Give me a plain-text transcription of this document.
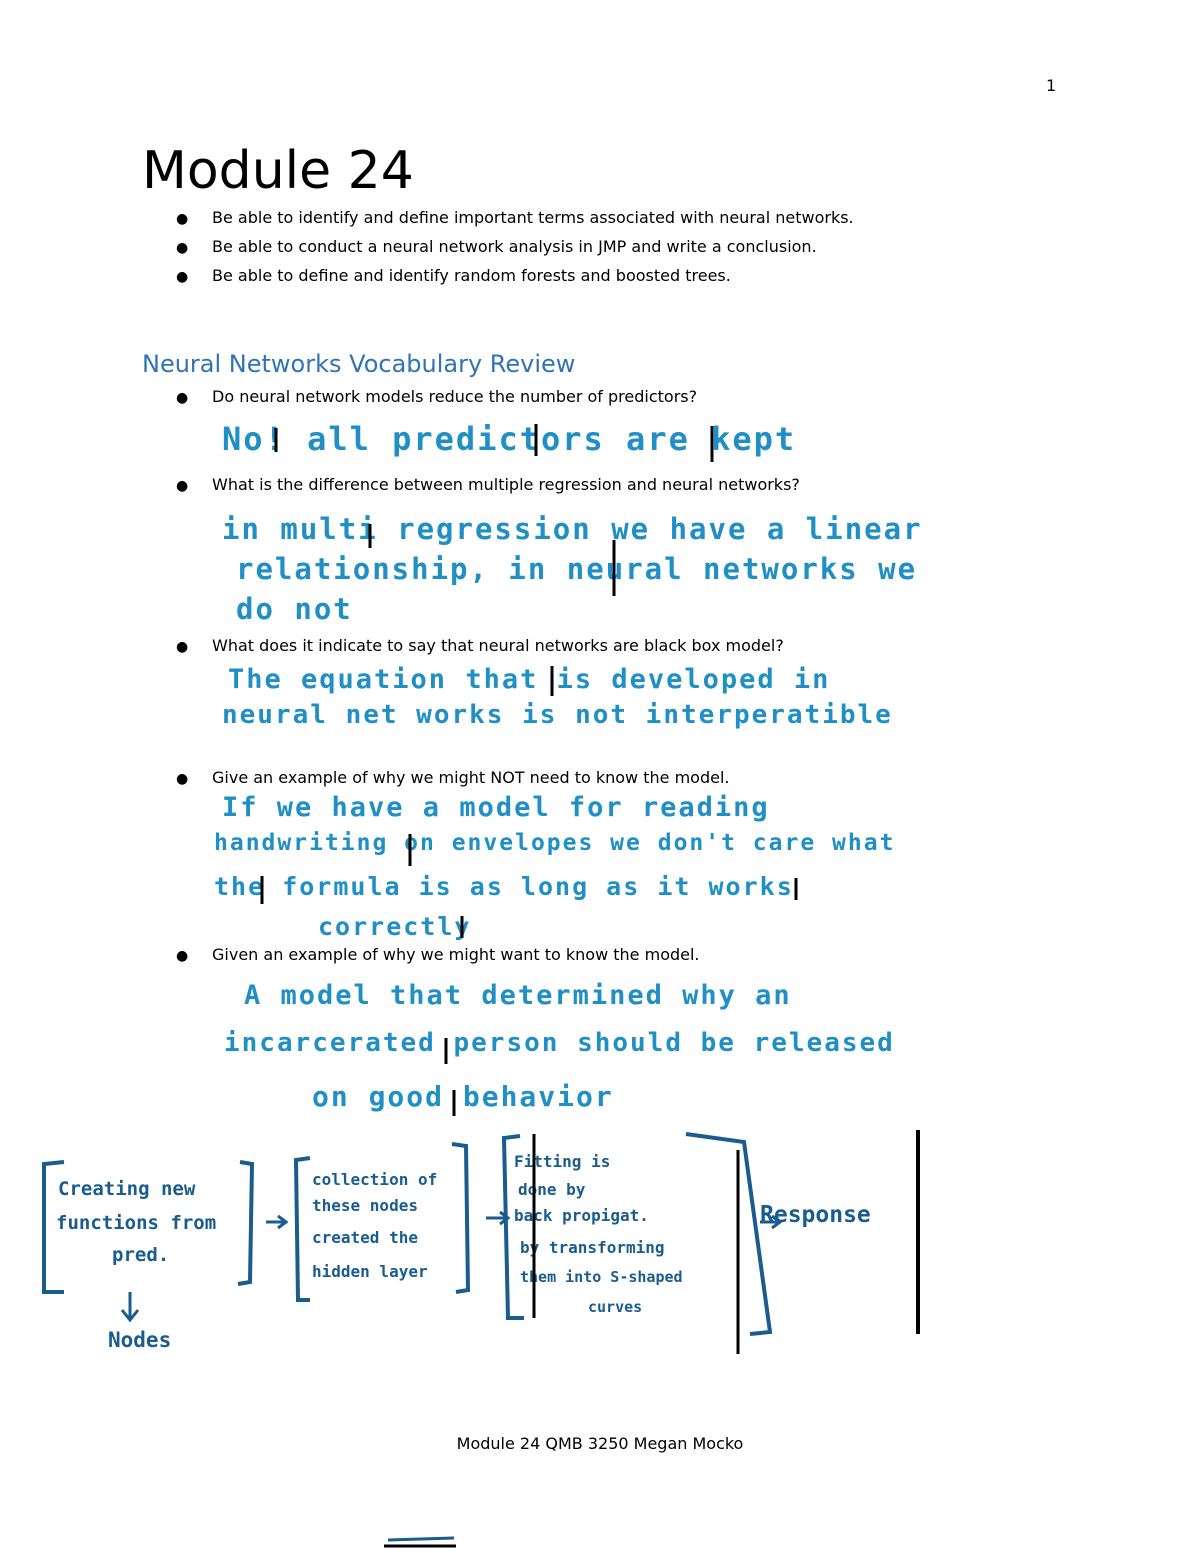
1
Module 24
● Be able to identify and define important terms associated with neural networks.
● Be able to conduct a neural network analysis in JMP and write a conclusion.
● Be able to define and identify random forests and boosted trees.
● Do neural network models reduce the number of predictors?
● What is the difference between multiple regression and neural networks?
● What does it indicate to say that neural networks are black box model?
● Give an example of why we might NOT need to know the model.
● Given an example of why we might want to know the model.
Neural Networks Vocabulary Review
No! all predictors are kept
in multi regression we have a linear
relationship, in neural networks we
do not
The equation that is developed in
neural net works is not interperatible
If we have a model for reading
handwriting on envelopes we don't care what
the formula is as long as it works
correctly
A model that determined why an
incarcerated person should be released
on good behavior
Creating new
functions from
pred.
Nodes
collection of
these nodes
created the
hidden layer
Fitting is
done by
back propigat.
by transforming
them into S-shaped
curves
Response
Module 24 QMB 3250 Megan Mocko
